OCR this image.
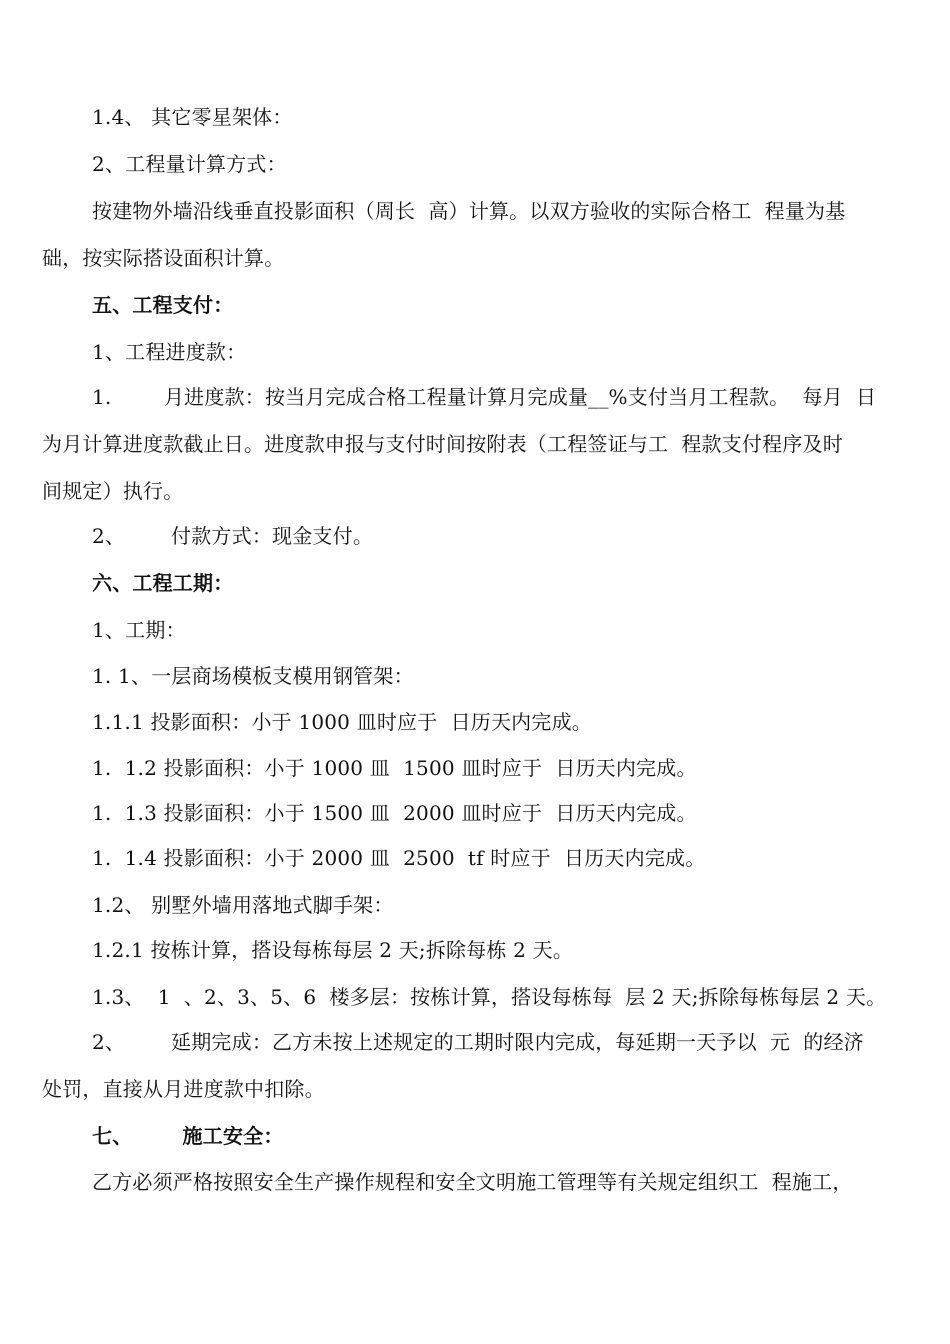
1.4、 其它零星架体：
2、工程量计算方式：
按建物外墙沿线垂直投影面积（周长  高）计算。以双方验收的实际合格工  程量为基
础，按实际搭设面积计算。
五、工程支付：
1、工程进度款：
1.        月进度款：按当月完成合格工程量计算月完成量__%支付当月工程款。  每月  日
为月计算进度款截止日。进度款申报与支付时间按附表（工程签证与工  程款支付程序及时
间规定）执行。
2、       付款方式：现金支付。
六、工程工期：
1、工期：
1. 1、一层商场模板支模用钢管架：
1.1.1 投影面积：小于 1000 皿时应于  日历天内完成。
1.  1.2 投影面积：小于 1000 皿  1500 皿时应于  日历天内完成。
1.  1.3 投影面积：小于 1500 皿  2000 皿时应于  日历天内完成。
1.  1.4 投影面积：小于 2000 皿  2500  tf 时应于  日历天内完成。
1.2、 别墅外墙用落地式脚手架：
1.2.1 按栋计算，搭设每栋每层 2 天;拆除每栋 2 天。
1.3、  1  、2、3、5、6  楼多层：按栋计算，搭设每栋每  层 2 天;拆除每栋每层 2 天。
2、       延期完成：乙方未按上述规定的工期时限内完成，每延期一天予以  元  的经济
处罚，直接从月进度款中扣除。
七、       施工安全：
乙方必须严格按照安全生产操作规程和安全文明施工管理等有关规定组织工  程施工，
